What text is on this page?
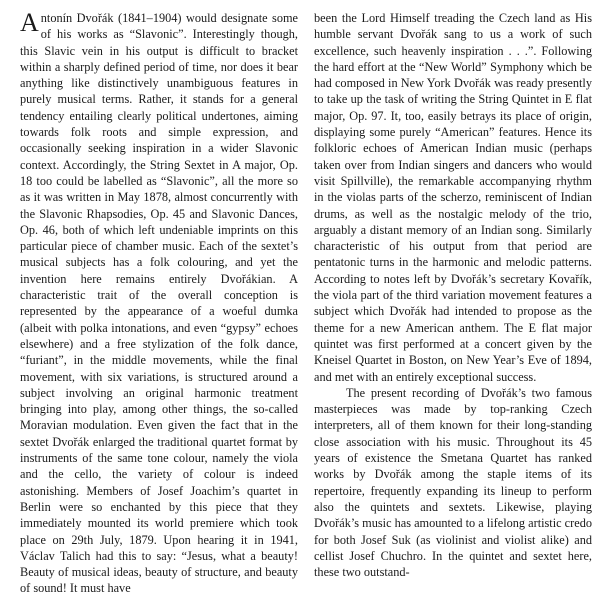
Antonín Dvořák (1841–1904) would designate some of his works as “Slavonic”. Interestingly though, this Slavic vein in his output is difficult to bracket within a sharply defined period of time, nor does it bear anything like distinctively unambiguous features in purely musical terms. Rather, it stands for a general tendency entailing clearly political undertones, aiming towards folk roots and simple expression, and occasionally seeking inspiration in a wider Slavonic context. Accordingly, the String Sextet in A major, Op. 18 too could be labelled as “Slavonic”, all the more so as it was written in May 1878, almost concurrently with the Slavonic Rhapsodies, Op. 45 and Slavonic Dances, Op. 46, both of which left undeniable imprints on this particular piece of chamber music. Each of the sextet’s musical subjects has a folk colouring, and yet the invention here remains entirely Dvořákian. A characteristic trait of the overall conception is represented by the appearance of a woeful dumka (albeit with polka intonations, and even “gypsy” echoes elsewhere) and a free stylization of the folk dance, “furiant”, in the middle movements, while the final movement, with six variations, is structured around a subject involving an original harmonic treatment bringing into play, among other things, the so-called Moravian modulation. Even given the fact that in the sextet Dvořák enlarged the traditional quartet format by instruments of the same tone colour, namely the viola and the cello, the variety of colour is indeed astonishing. Members of Josef Joachim’s quartet in Berlin were so enchanted by this piece that they immediately mounted its world premiere which took place on 29th July, 1879. Upon hearing it in 1941, Václav Talich had this to say: “Jesus, what a beauty! Beauty of musical ideas, beauty of structure, and beauty of sound! It must have

been the Lord Himself treading the Czech land as His humble servant Dvořák sang to us a work of such excellence, such heavenly inspiration . . .”. Following the hard effort at the “New World” Symphony which be had composed in New York Dvořák was ready presently to take up the task of writing the String Quintet in E flat major, Op. 97. It, too, easily betrays its place of origin, displaying some purely “American” features. Hence its folkloric echoes of American Indian music (perhaps taken over from Indian singers and dancers who would visit Spillville), the remarkable accompanying rhythm in the violas parts of the scherzo, reminiscent of Indian drums, as well as the nostalgic melody of the trio, arguably a distant memory of an Indian song. Similarly characteristic of his output from that period are pentatonic turns in the harmonic and melodic patterns. According to notes left by Dvořák’s secretary Kovařík, the viola part of the third variation movement features a subject which Dvořák had intended to propose as the theme for a new American anthem. The E flat major quintet was first performed at a concert given by the Kneisel Quartet in Boston, on New Year’s Eve of 1894, and met with an entirely exceptional success.

The present recording of Dvořák’s two famous masterpieces was made by top-ranking Czech interpreters, all of them known for their long-standing close association with his music. Throughout its 45 years of existence the Smetana Quartet has ranked works by Dvořák among the staple items of its repertoire, frequently expanding its lineup to perform also the quintets and sextets. Likewise, playing Dvořák’s music has amounted to a lifelong artistic credo for both Josef Suk (as violinist and violist alike) and cellist Josef Chuchro. In the quintet and sextet here, these two outstand-
